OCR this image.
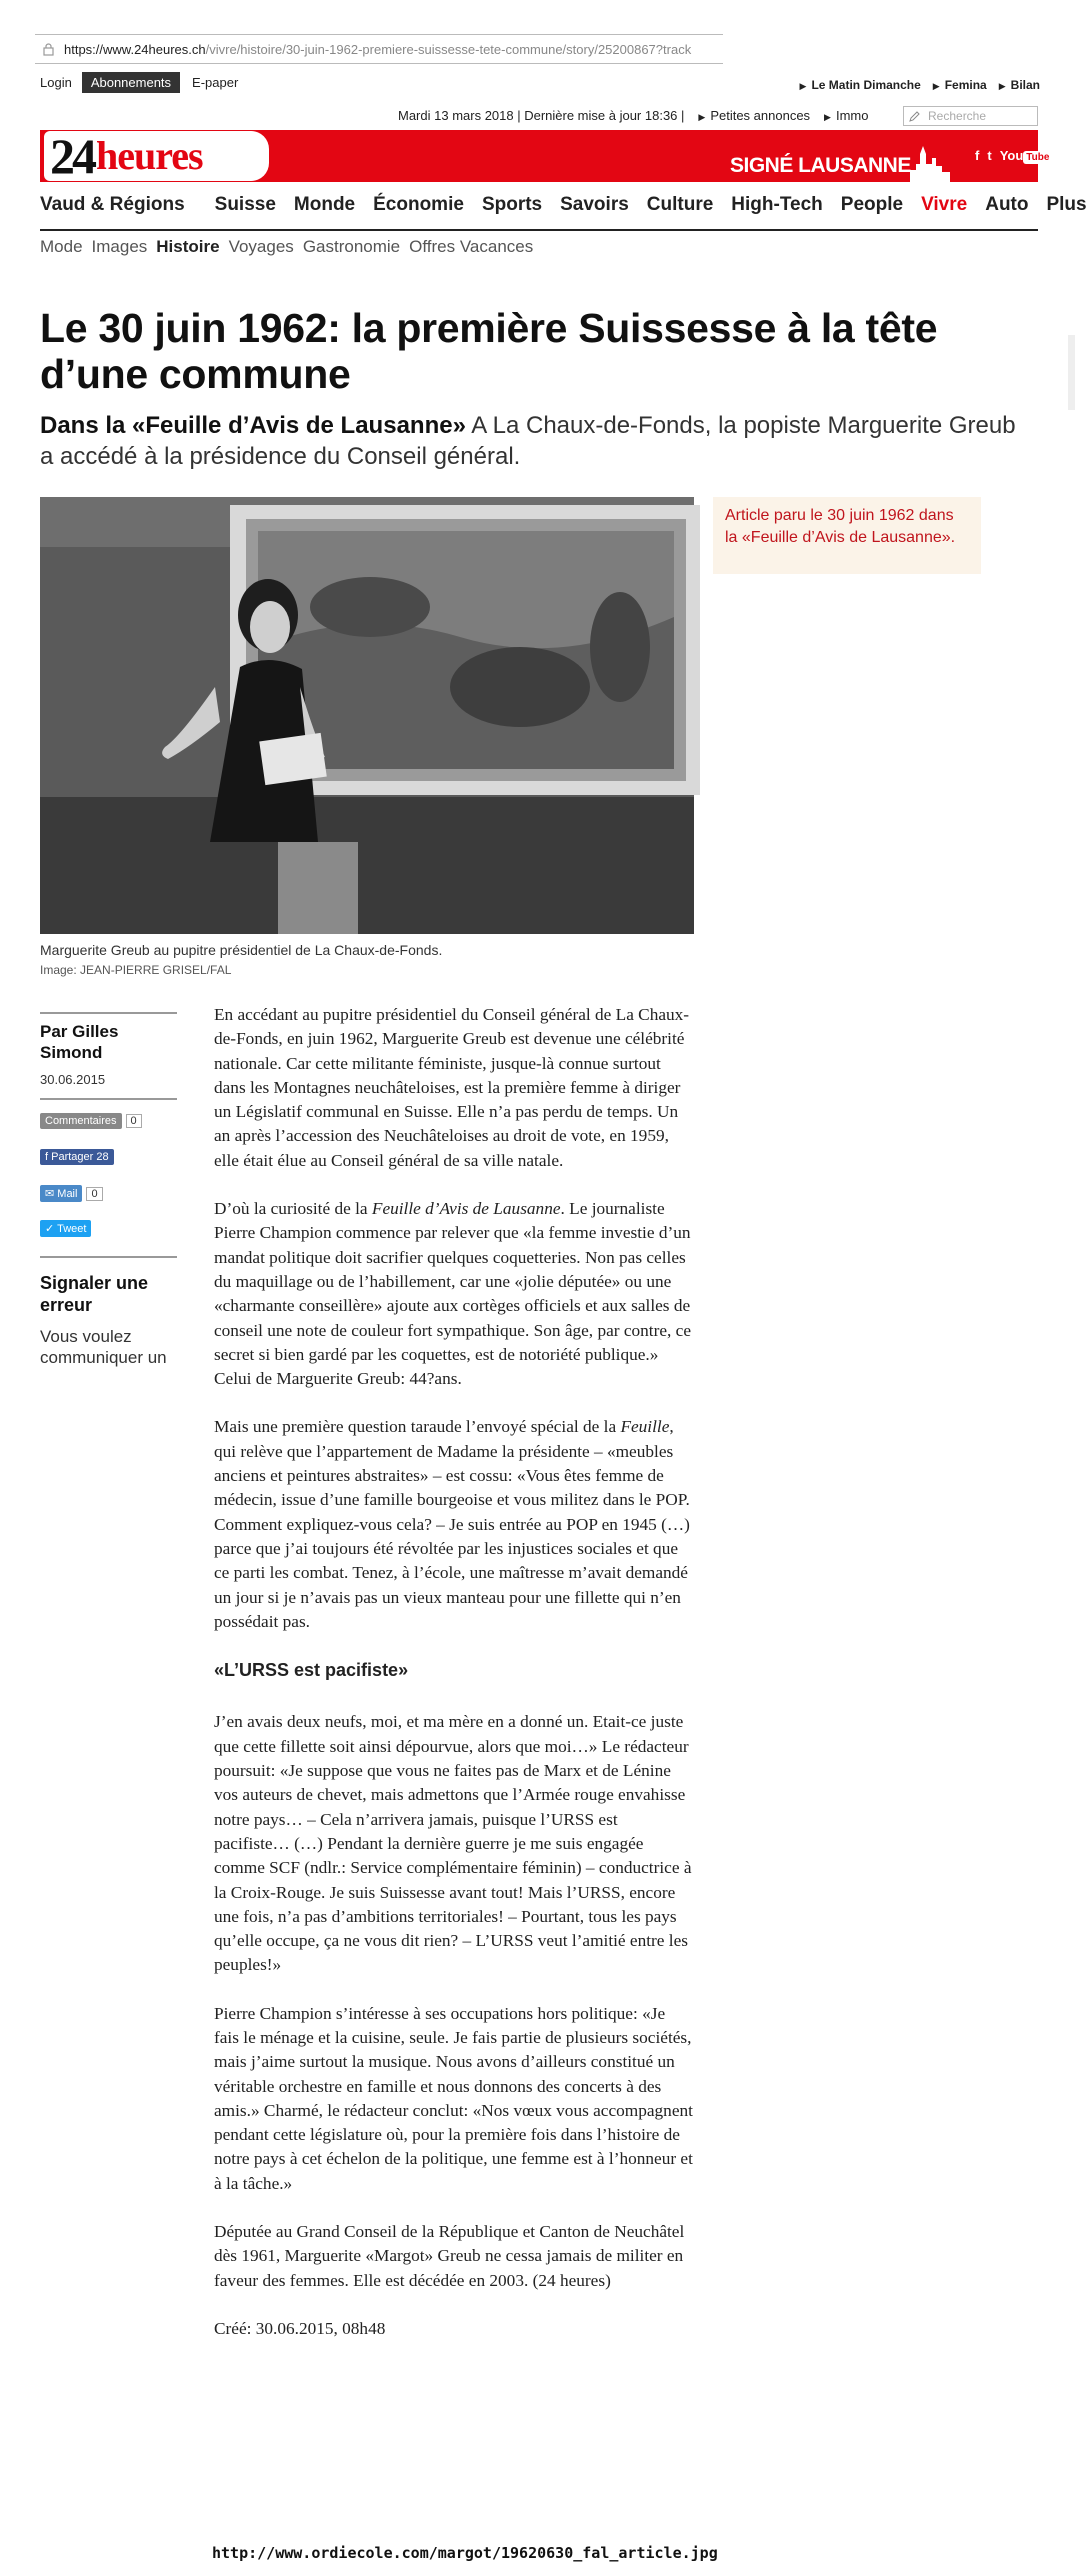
https://www.24heures.ch /vivre/histoire/30-juin-1962-premiere-suissesse-tete-commune/story/25200867?track
Login	Abonnements	E-paper	▶ Le Matin Dimanche	▶ Femina	▶ Bilan
Mardi 13 mars 2018 | Dernière mise à jour 18:36 |	▶ Petites annonces	▶ Immo	Recherche
24 heures	SIGNÉ LAUSANNE	f t You Tube
Vaud & Régions Suisse Monde Économie Sports Savoirs Culture High-Tech People Vivre Auto Plus
Mode Images Histoire Voyages Gastronomie Offres Vacances
Le 30 juin 1962: la première Suissesse à la tête d’une commune

Dans la «Feuille d’Avis de Lausanne» A La Chaux-de-Fonds, la popiste Marguerite Greub a accédé à la présidence du Conseil général.

Marguerite Greub au pupitre présidentiel de La Chaux-de-Fonds.
Image: JEAN-PIERRE GRISEL/FAL
Article paru le 30 juin 1962 dans la «Feuille d’Avis de Lausanne».
Par Gilles Simond
30.06.2015
Commentaires	0
f Partager 28
✉ Mail	0
✓ Tweet
Signaler une erreur
Vous voulez communiquer un

En accédant au pupitre présidentiel du Conseil général de La Chaux-de-Fonds, en juin 1962, Marguerite Greub est devenue une célébrité nationale. Car cette militante féministe, jusque-là connue surtout dans les Montagnes neuchâteloises, est la première femme à diriger un Législatif communal en Suisse. Elle n’a pas perdu de temps. Un an après l’accession des Neuchâteloises au droit de vote, en 1959, elle était élue au Conseil général de sa ville natale.

D’où la curiosité de la Feuille d’Avis de Lausanne. Le journaliste Pierre Champion commence par relever que «la femme investie d’un mandat politique doit sacrifier quelques coquetteries. Non pas celles du maquillage ou de l’habillement, car une «jolie députée» ou une «charmante conseillère» ajoute aux cortèges officiels et aux salles de conseil une note de couleur fort sympathique. Son âge, par contre, ce secret si bien gardé par les coquettes, est de notoriété publique.» Celui de Marguerite Greub: 44?ans.

Mais une première question taraude l’envoyé spécial de la Feuille, qui relève que l’appartement de Madame la présidente – «meubles anciens et peintures abstraites» – est cossu: «Vous êtes femme de médecin, issue d’une famille bourgeoise et vous militez dans le POP. Comment expliquez-vous cela? – Je suis entrée au POP en 1945 (…) parce que j’ai toujours été révoltée par les injustices sociales et que ce parti les combat. Tenez, à l’école, une maîtresse m’avait demandé un jour si je n’avais pas un vieux manteau pour une fillette qui n’en possédait pas.

«L’URSS est pacifiste»

J’en avais deux neufs, moi, et ma mère en a donné un. Etait-ce juste que cette fillette soit ainsi dépourvue, alors que moi…» Le rédacteur poursuit: «Je suppose que vous ne faites pas de Marx et de Lénine vos auteurs de chevet, mais admettons que l’Armée rouge envahisse notre pays… – Cela n’arrivera jamais, puisque l’URSS est pacifiste… (…) Pendant la dernière guerre je me suis engagée comme SCF (ndlr.: Service complémentaire féminin) – conductrice à la Croix-Rouge. Je suis Suissesse avant tout! Mais l’URSS, encore une fois, n’a pas d’ambitions territoriales! – Pourtant, tous les pays qu’elle occupe, ça ne vous dit rien? – L’URSS veut l’amitié entre les peuples!»

Pierre Champion s’intéresse à ses occupations hors politique: «Je fais le ménage et la cuisine, seule. Je fais partie de plusieurs sociétés, mais j’aime surtout la musique. Nous avons d’ailleurs constitué un véritable orchestre en famille et nous donnons des concerts à des amis.» Charmé, le rédacteur conclut: «Nos vœux vous accompagnent pendant cette législature où, pour la première fois dans l’histoire de notre pays à cet échelon de la politique, une femme est à l’honneur et à la tâche.»

Députée au Grand Conseil de la République et Canton de Neuchâtel dès 1961, Marguerite «Margot» Greub ne cessa jamais de militer en faveur des femmes. Elle est décédée en 2003. (24 heures)

Créé: 30.06.2015, 08h48

http://www.ordiecole.com/margot/19620630_fal_article.jpg
